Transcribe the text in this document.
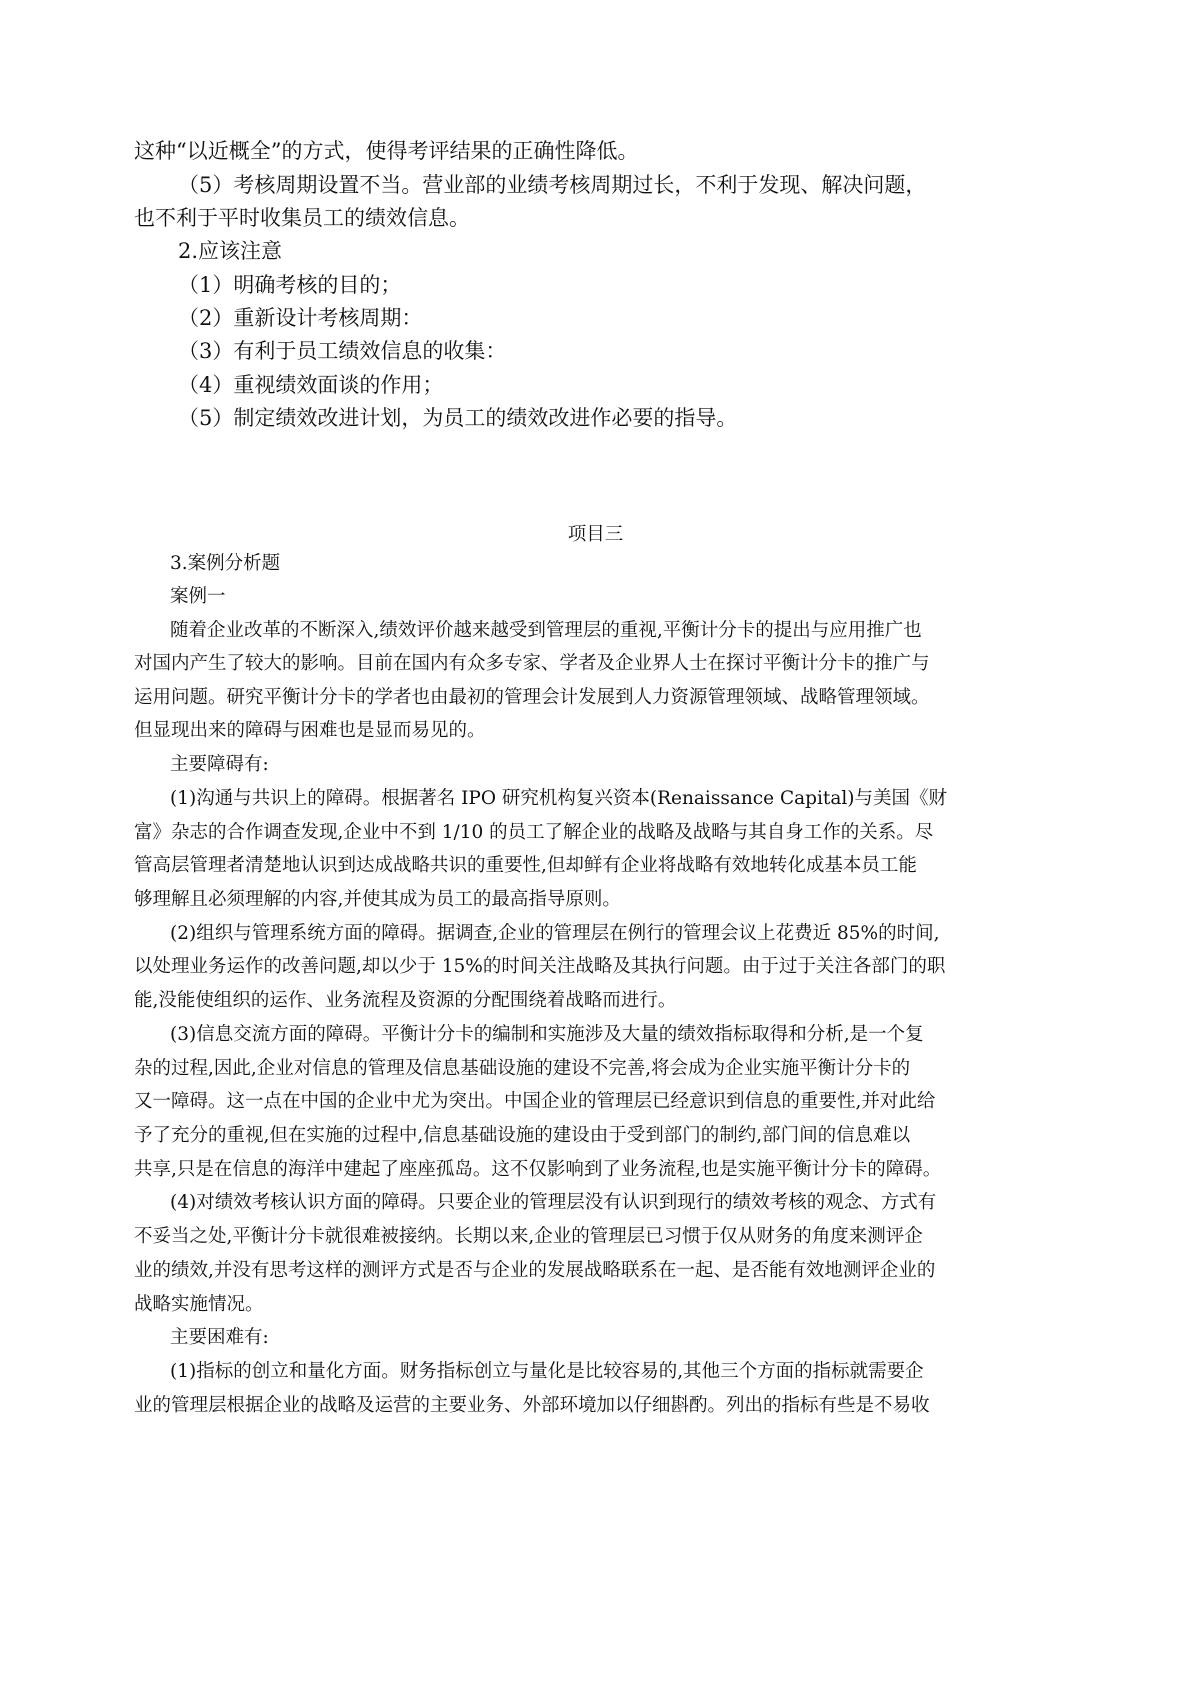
这种“以近概全”的方式，使得考评结果的正确性降低。
（5）考核周期设置不当。营业部的业绩考核周期过长，不利于发现、解决问题，
也不利于平时收集员工的绩效信息。
2.应该注意
（1）明确考核的目的；
（2）重新设计考核周期：
（3）有利于员工绩效信息的收集：
（4）重视绩效面谈的作用；
（5）制定绩效改进计划，为员工的绩效改进作必要的指导。
项目三
3.案例分析题
案例一
随着企业改革的不断深入,绩效评价越来越受到管理层的重视,平衡计分卡的提出与应用推广也
对国内产生了较大的影响。目前在国内有众多专家、学者及企业界人士在探讨平衡计分卡的推广与
运用问题。研究平衡计分卡的学者也由最初的管理会计发展到人力资源管理领域、战略管理领域。
但显现出来的障碍与困难也是显而易见的。
主要障碍有:
(1)沟通与共识上的障碍。根据著名 IPO 研究机构复兴资本(Renaissance Capital)与美国《财
富》杂志的合作调查发现,企业中不到 1/10 的员工了解企业的战略及战略与其自身工作的关系。尽
管高层管理者清楚地认识到达成战略共识的重要性,但却鲜有企业将战略有效地转化成基本员工能
够理解且必须理解的内容,并使其成为员工的最高指导原则。
(2)组织与管理系统方面的障碍。据调查,企业的管理层在例行的管理会议上花费近 85%的时间,
以处理业务运作的改善问题,却以少于 15%的时间关注战略及其执行问题。由于过于关注各部门的职
能,没能使组织的运作、业务流程及资源的分配围绕着战略而进行。
(3)信息交流方面的障碍。平衡计分卡的编制和实施涉及大量的绩效指标取得和分析,是一个复
杂的过程,因此,企业对信息的管理及信息基础设施的建设不完善,将会成为企业实施平衡计分卡的
又一障碍。这一点在中国的企业中尤为突出。中国企业的管理层已经意识到信息的重要性,并对此给
予了充分的重视,但在实施的过程中,信息基础设施的建设由于受到部门的制约,部门间的信息难以
共享,只是在信息的海洋中建起了座座孤岛。这不仅影响到了业务流程,也是实施平衡计分卡的障碍。
(4)对绩效考核认识方面的障碍。只要企业的管理层没有认识到现行的绩效考核的观念、方式有
不妥当之处,平衡计分卡就很难被接纳。长期以来,企业的管理层已习惯于仅从财务的角度来测评企
业的绩效,并没有思考这样的测评方式是否与企业的发展战略联系在一起、是否能有效地测评企业的
战略实施情况。
主要困难有:
(1)指标的创立和量化方面。财务指标创立与量化是比较容易的,其他三个方面的指标就需要企
业的管理层根据企业的战略及运营的主要业务、外部环境加以仔细斟酌。列出的指标有些是不易收
